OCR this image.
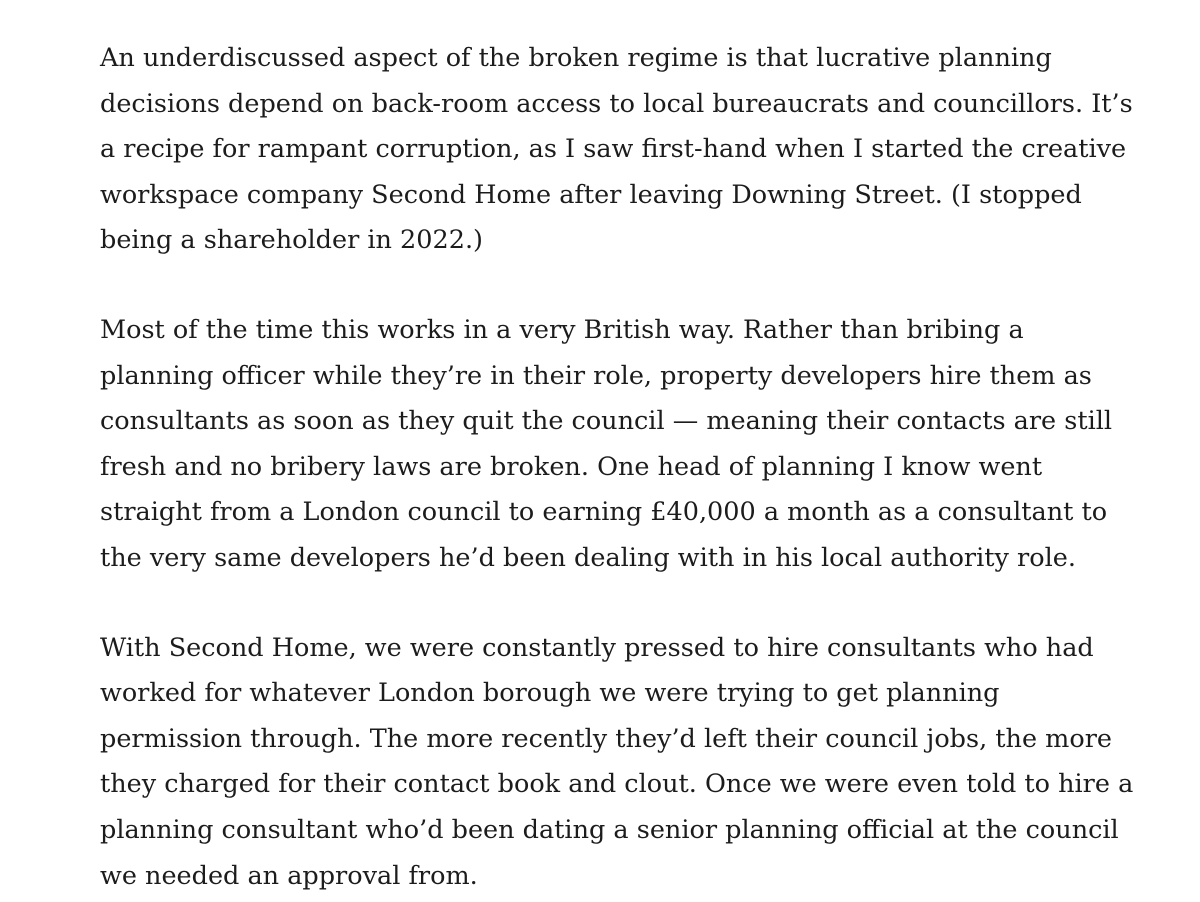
An underdiscussed aspect of the broken regime is that lucrative planning
decisions depend on back-room access to local bureaucrats and councillors. It’s
a recipe for rampant corruption, as I saw first-hand when I started the creative
workspace company Second Home after leaving Downing Street. (I stopped
being a shareholder in 2022.)

Most of the time this works in a very British way. Rather than bribing a
planning officer while they’re in their role, property developers hire them as
consultants as soon as they quit the council — meaning their contacts are still
fresh and no bribery laws are broken. One head of planning I know went
straight from a London council to earning £40,000 a month as a consultant to
the very same developers he’d been dealing with in his local authority role.

With Second Home, we were constantly pressed to hire consultants who had
worked for whatever London borough we were trying to get planning
permission through. The more recently they’d left their council jobs, the more
they charged for their contact book and clout. Once we were even told to hire a
planning consultant who’d been dating a senior planning official at the council
we needed an approval from.
